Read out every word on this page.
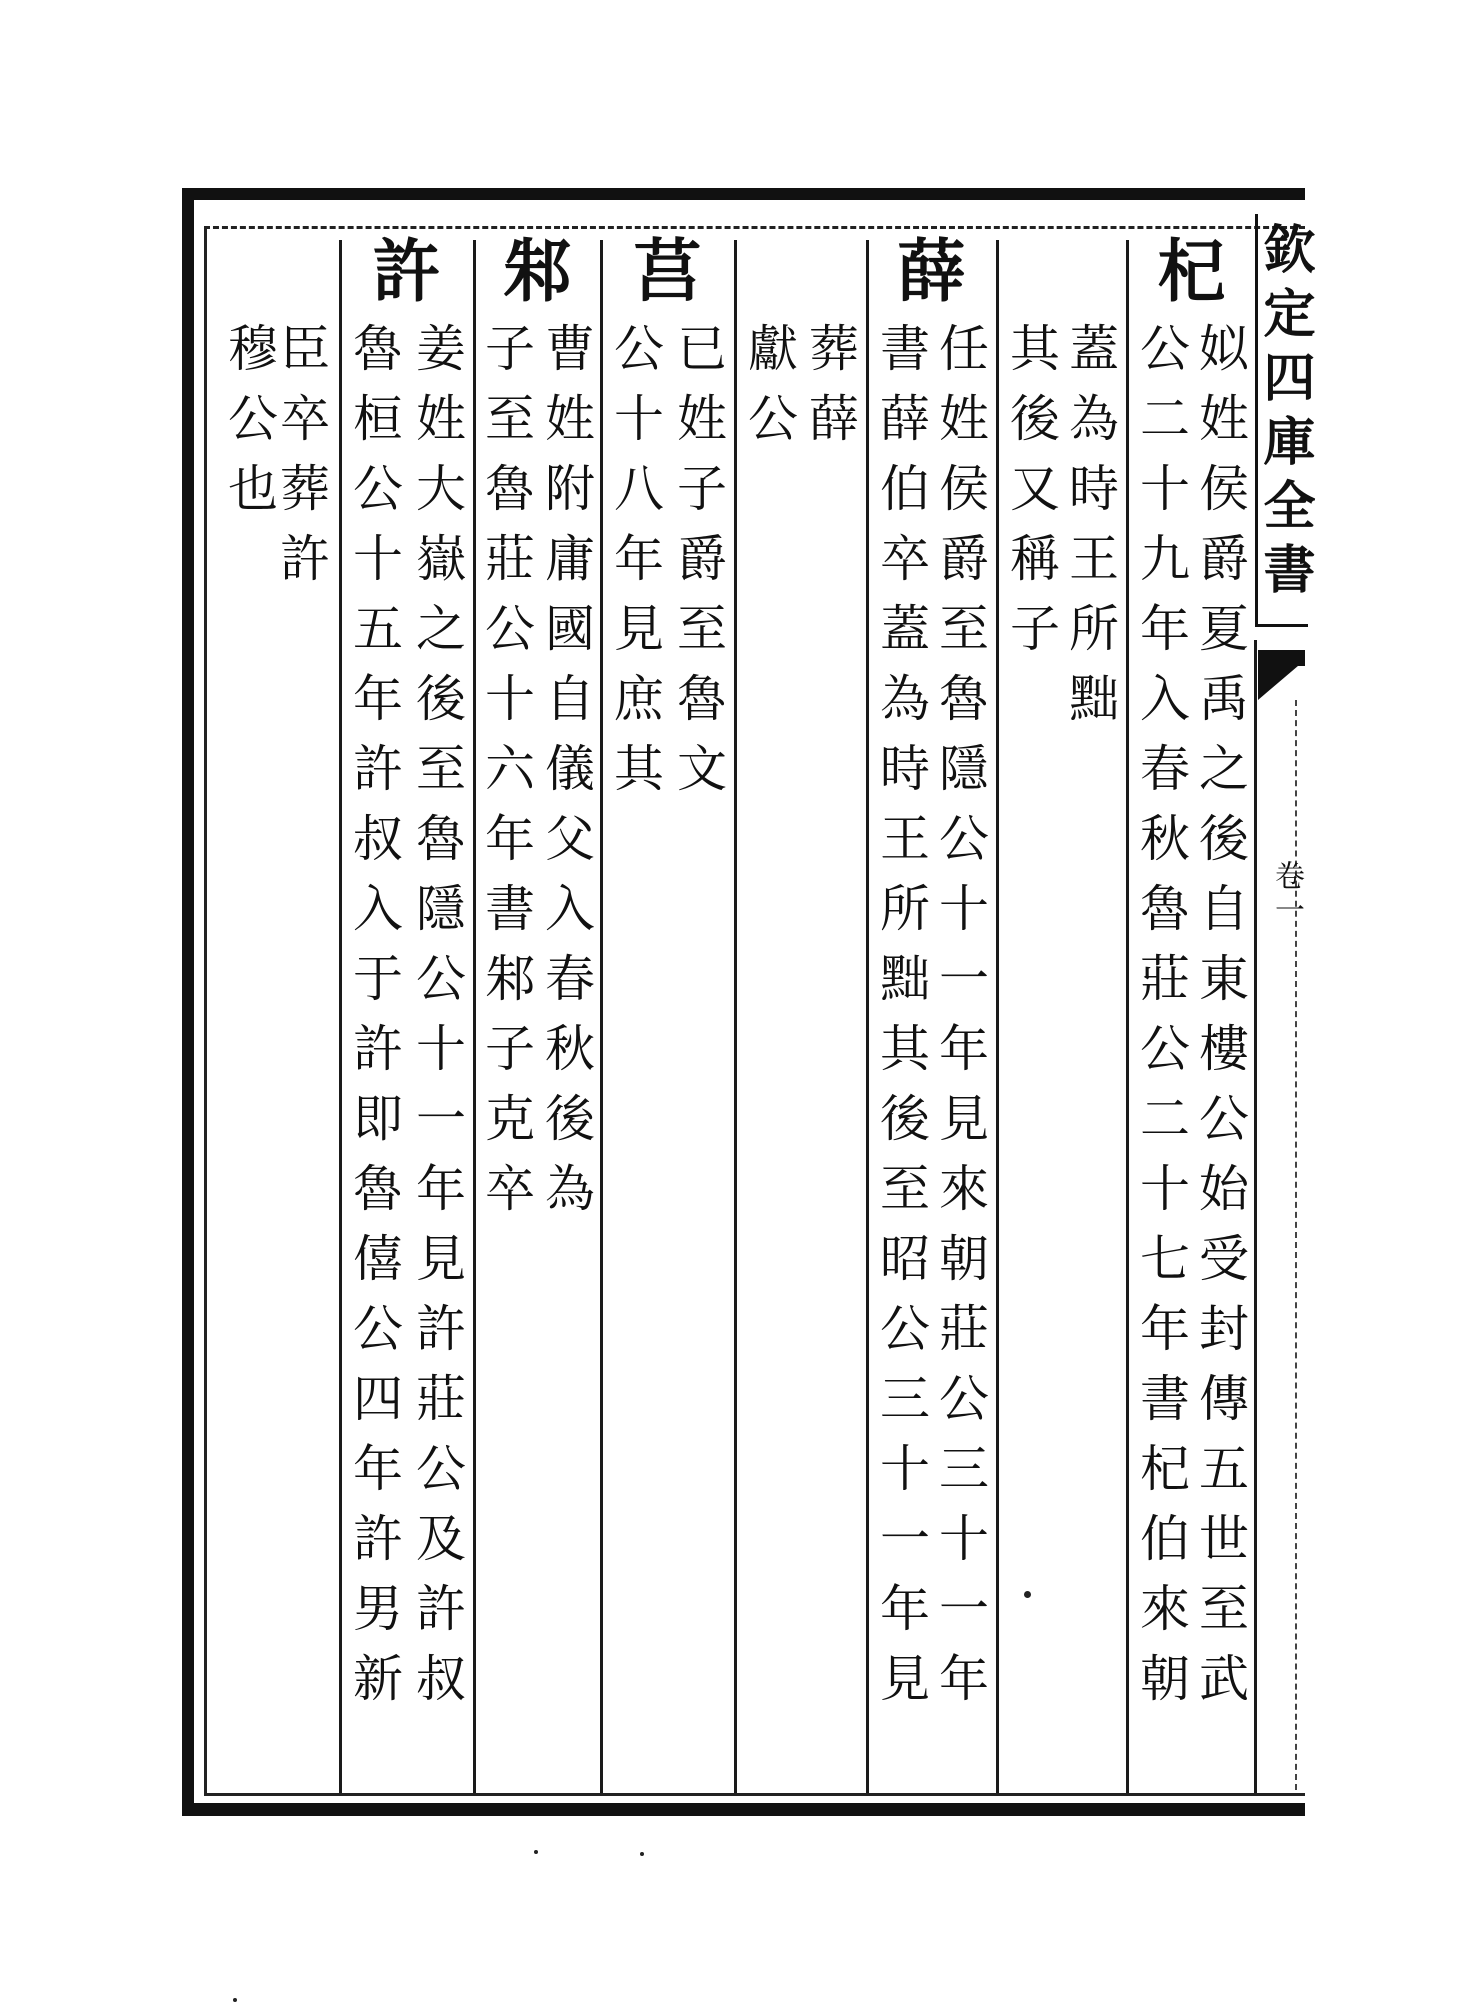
欽定四庫全書
卷一
杞
姒姓侯爵夏禹之後自東樓公始受封傳五世至武
公二十九年入春秋魯莊公二十七年書杞伯來朝
蓋為時王所黜
其後又稱子
薛
任姓侯爵至魯隱公十一年見來朝莊公三十一年
書薛伯卒蓋為時王所黜其後至昭公三十一年見
葬薛
獻公
莒
已姓子爵至魯文
公十八年見庶其
邾
曹姓附庸國自儀父入春秋後為
子至魯莊公十六年書邾子克卒
許
姜姓大嶽之後至魯隱公十一年見許莊公及許叔
魯桓公十五年許叔入于許即魯僖公四年許男新
臣卒葬許
穆公也
